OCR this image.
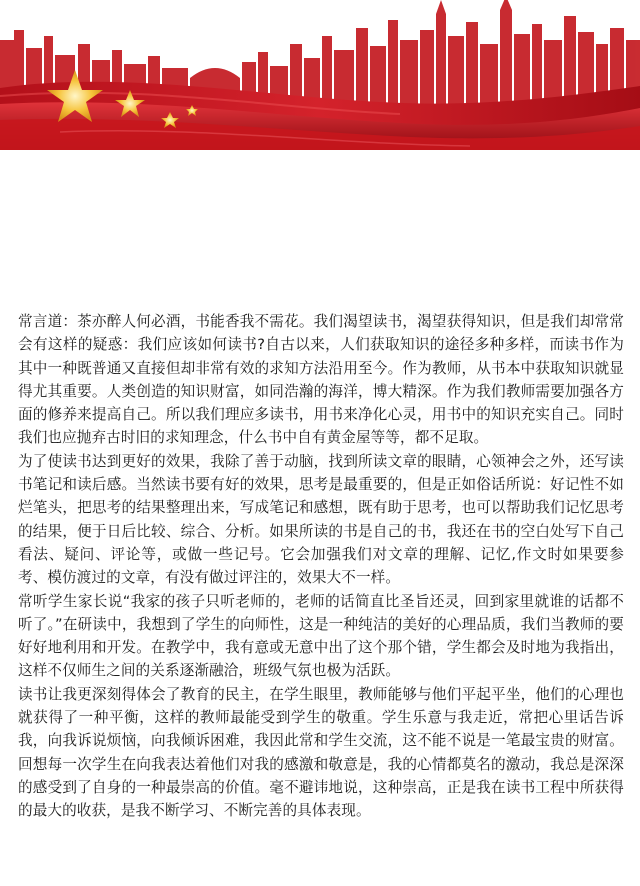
常言道：茶亦醉人何必酒，书能香我不需花。我们渴望读书，渴望获得知识，但是我们却常常会有这样的疑惑：我们应该如何读书?自古以来，人们获取知识的途径多种多样，而读书作为其中一种既普通又直接但却非常有效的求知方法沿用至今。作为教师，从书本中获取知识就显得尤其重要。人类创造的知识财富，如同浩瀚的海洋，博大精深。作为我们教师需要加强各方面的修养来提高自己。所以我们理应多读书，用书来净化心灵，用书中的知识充实自己。同时我们也应抛弃古时旧的求知理念，什么书中自有黄金屋等等，都不足取。

为了使读书达到更好的效果，我除了善于动脑，找到所读文章的眼睛，心领神会之外，还写读书笔记和读后感。当然读书要有好的效果，思考是最重要的，但是正如俗话所说：好记性不如烂笔头，把思考的结果整理出来，写成笔记和感想，既有助于思考，也可以帮助我们记忆思考的结果，便于日后比较、综合、分析。如果所读的书是自己的书，我还在书的空白处写下自己看法、疑问、评论等，或做一些记号。它会加强我们对文章的理解、记忆,作文时如果要参考、模仿渡过的文章，有没有做过评注的，效果大不一样。

常听学生家长说“我家的孩子只听老师的，老师的话简直比圣旨还灵，回到家里就谁的话都不听了。”在研读中，我想到了学生的向师性，这是一种纯洁的美好的心理品质，我们当教师的要好好地利用和开发。在教学中，我有意或无意中出了这个那个错，学生都会及时地为我指出，这样不仅师生之间的关系逐渐融洽，班级气氛也极为活跃。

读书让我更深刻得体会了教育的民主，在学生眼里，教师能够与他们平起平坐，他们的心理也就获得了一种平衡，这样的教师最能受到学生的敬重。学生乐意与我走近，常把心里话告诉我，向我诉说烦恼，向我倾诉困难，我因此常和学生交流，这不能不说是一笔最宝贵的财富。回想每一次学生在向我表达着他们对我的感激和敬意是，我的心情都莫名的激动，我总是深深的感受到了自身的一种最崇高的价值。毫不避讳地说，这种崇高，正是我在读书工程中所获得的最大的收获，是我不断学习、不断完善的具体表现。
